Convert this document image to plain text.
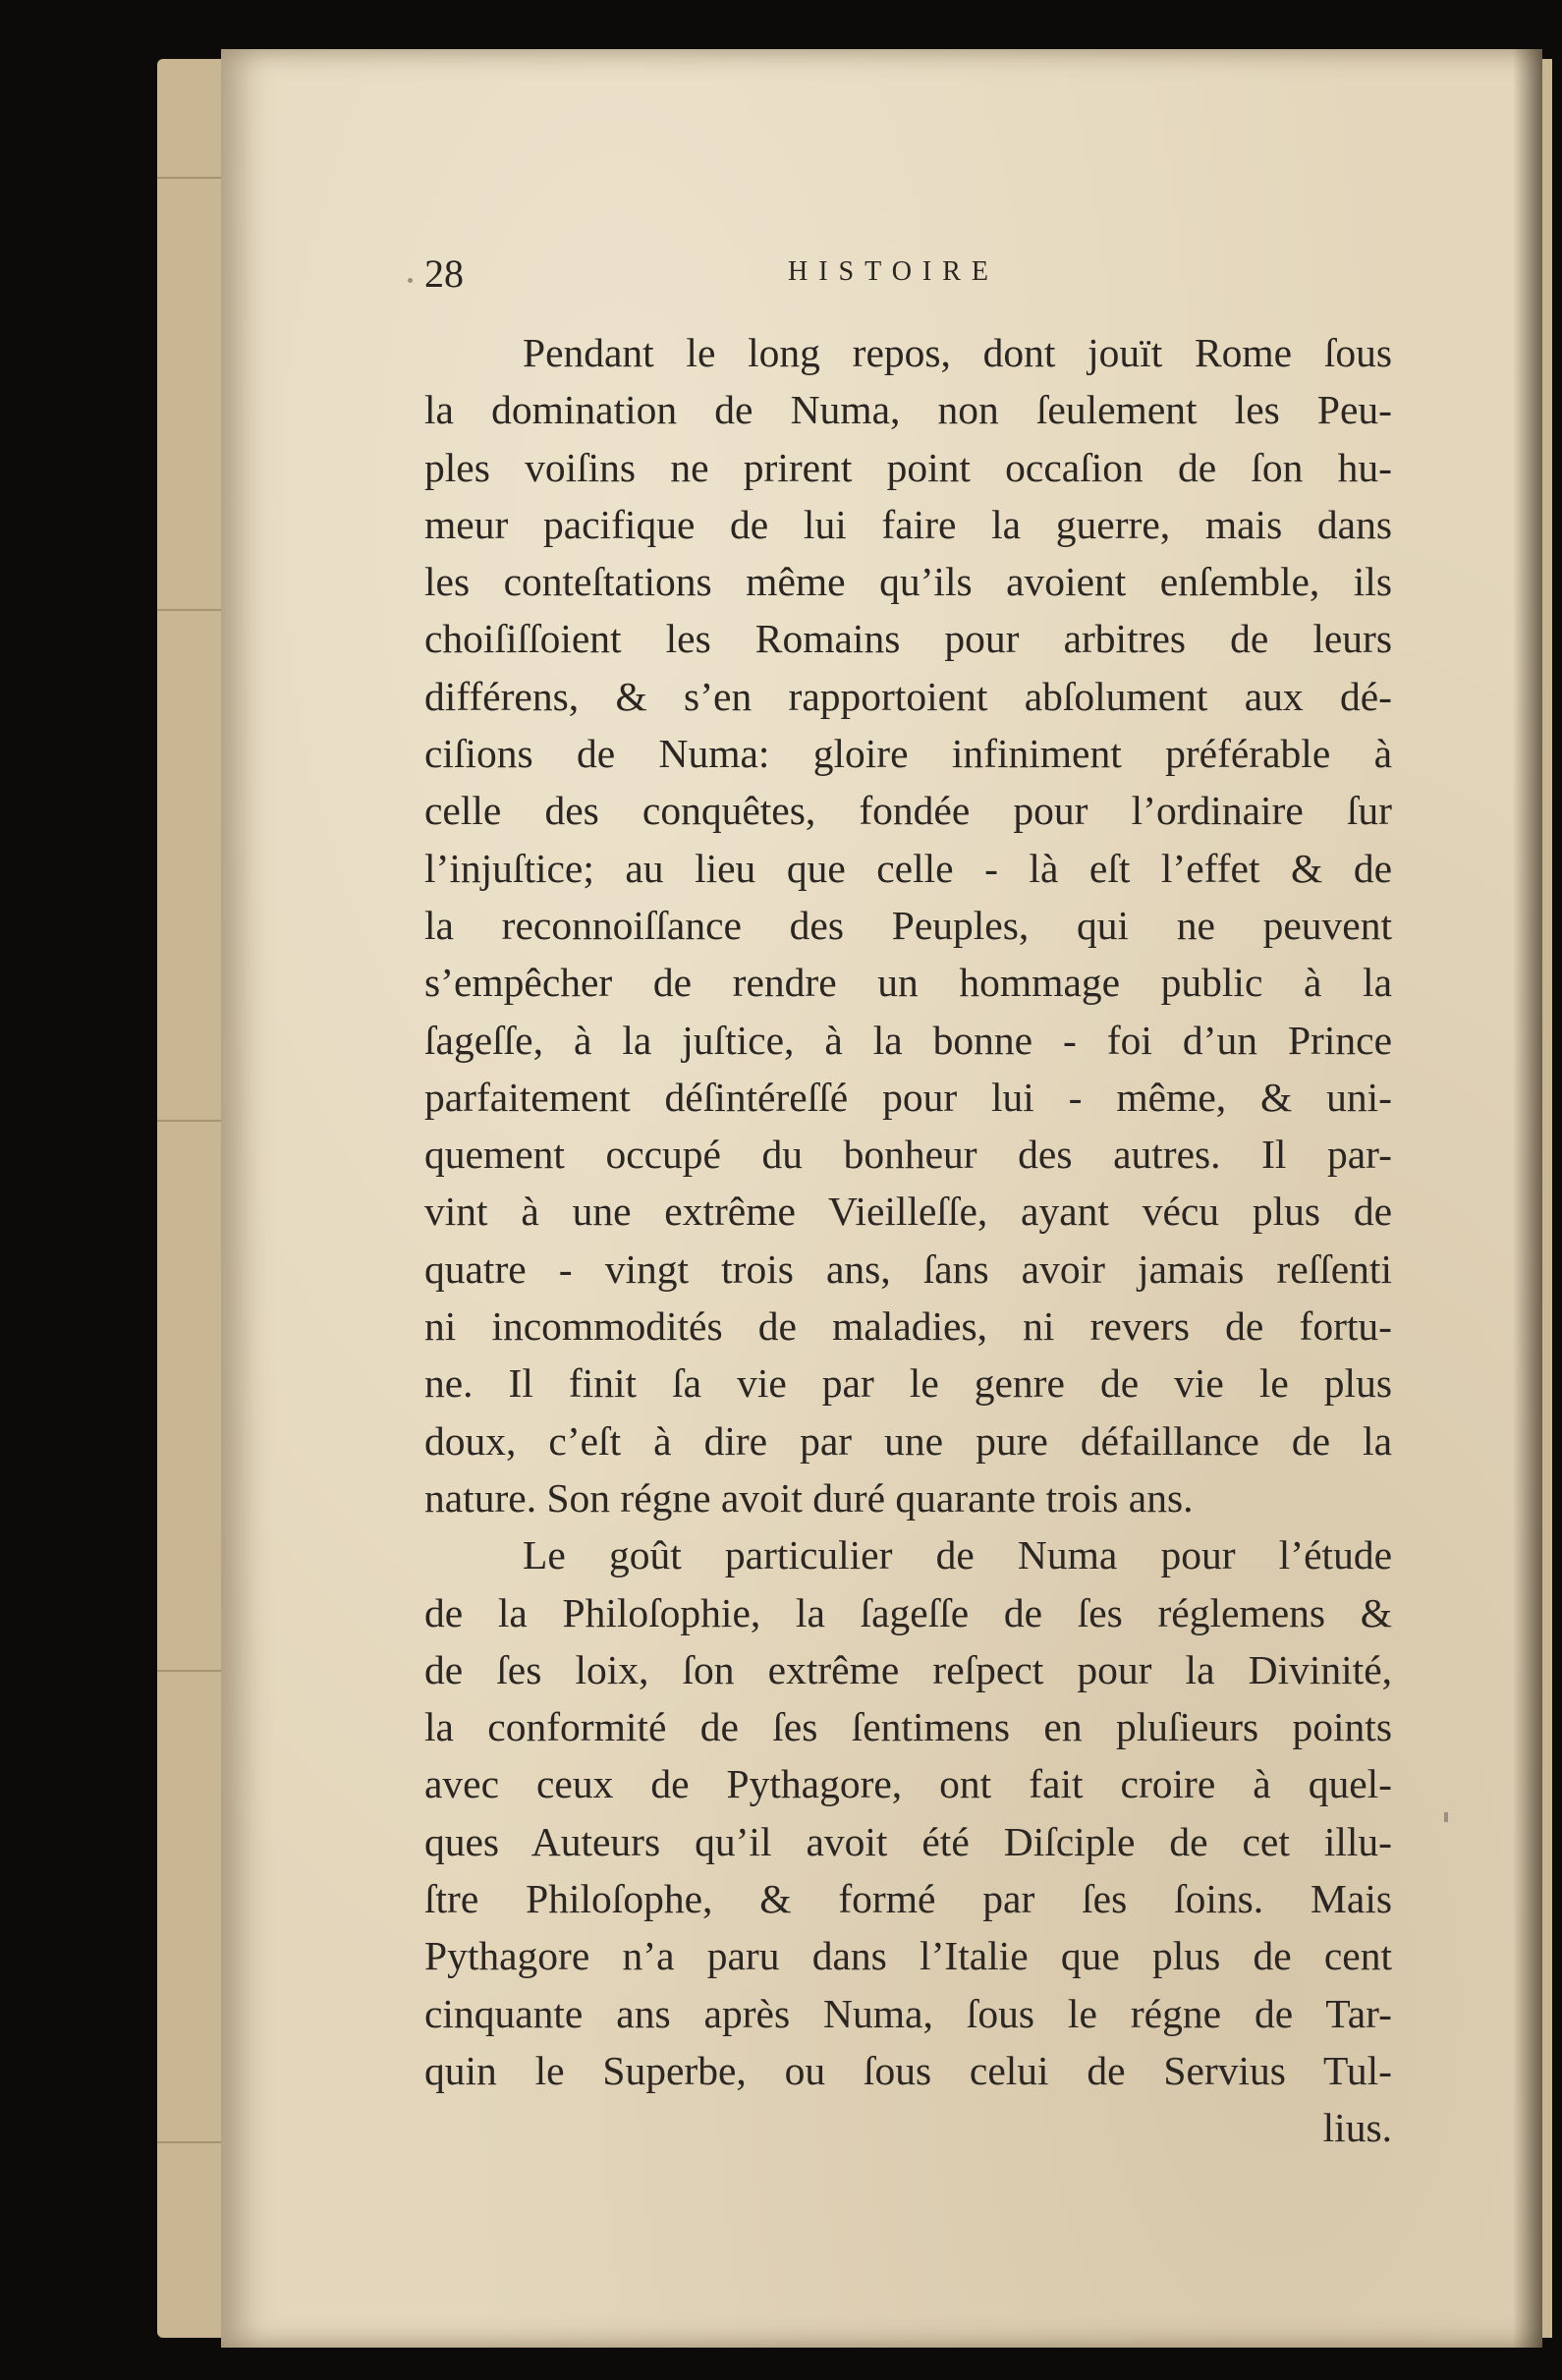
28	HISTOIRE
Pendant le long repos, dont jouït Rome ſous
la domination de Numa, non ſeulement les Peu-
ples voiſins ne prirent point occaſion de ſon hu-
meur pacifique de lui faire la guerre, mais dans
les conteſtations même qu’ils avoient enſemble, ils
choiſiſſoient les Romains pour arbitres de leurs
différens, & s’en rapportoient abſolument aux dé-
ciſions de Numa: gloire infiniment préférable à
celle des conquêtes, fondée pour l’ordinaire ſur
l’injuſtice; au lieu que celle - là eſt l’effet & de
la reconnoiſſance des Peuples, qui ne peuvent
s’empêcher de rendre un hommage public à la
ſageſſe, à la juſtice, à la bonne - foi d’un Prince
parfaitement déſintéreſſé pour lui - même, & uni-
quement occupé du bonheur des autres. Il par-
vint à une extrême Vieilleſſe, ayant vécu plus de
quatre - vingt trois ans, ſans avoir jamais reſſenti
ni incommodités de maladies, ni revers de fortu-
ne. Il finit ſa vie par le genre de vie le plus
doux, c’eſt à dire par une pure défaillance de la
nature. Son régne avoit duré quarante trois ans.
Le goût particulier de Numa pour l’étude
de la Philoſophie, la ſageſſe de ſes réglemens &
de ſes loix, ſon extrême reſpect pour la Divinité,
la conformité de ſes ſentimens en pluſieurs points
avec ceux de Pythagore, ont fait croire à quel-
ques Auteurs qu’il avoit été Diſciple de cet illu-
ſtre Philoſophe, & formé par ſes ſoins. Mais
Pythagore n’a paru dans l’Italie que plus de cent
cinquante ans après Numa, ſous le régne de Tar-
quin le Superbe, ou ſous celui de Servius Tul-
lius.
